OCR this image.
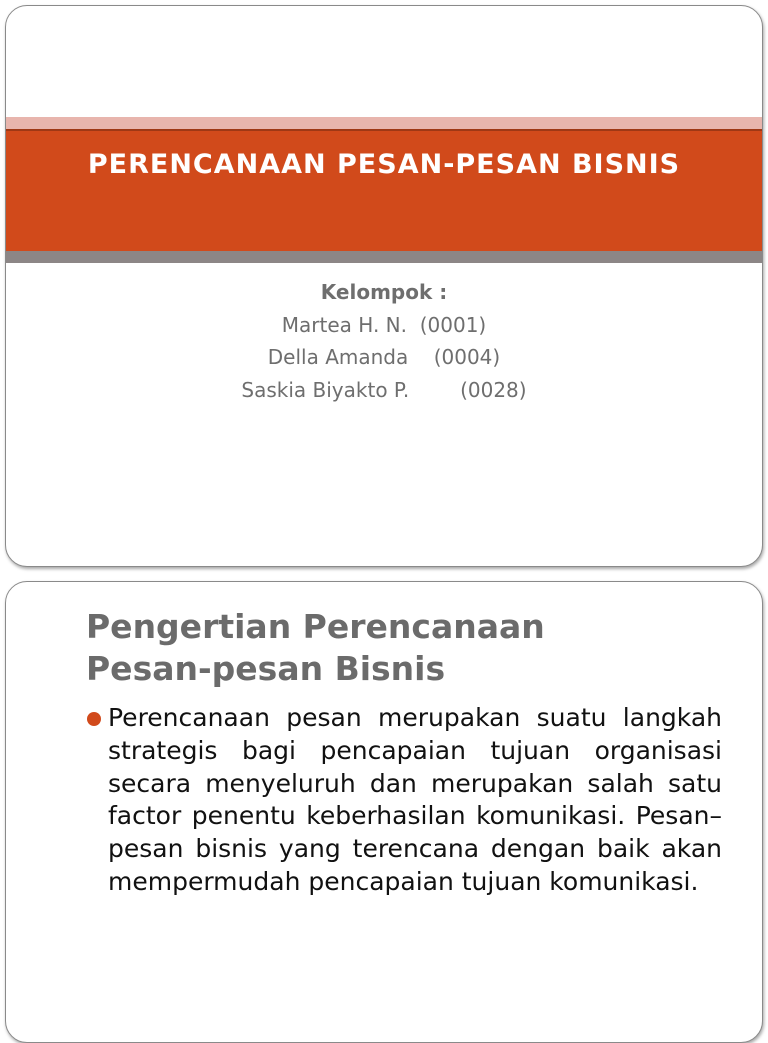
PERENCANAAN PESAN-PESAN BISNIS
Kelompok :
Martea H. N.  (0001)
Della Amanda    (0004)
Saskia Biyakto P.        (0028)
Pengertian Perencanaan
Pesan-pesan Bisnis

Perencanaan pesan merupakan suatu langkah strategis bagi pencapaian tujuan organisasi secara menyeluruh dan merupakan salah satu factor penentu keberhasilan komunikasi. Pesan–pesan bisnis yang terencana dengan baik akan mempermudah pencapaian tujuan komunikasi.
